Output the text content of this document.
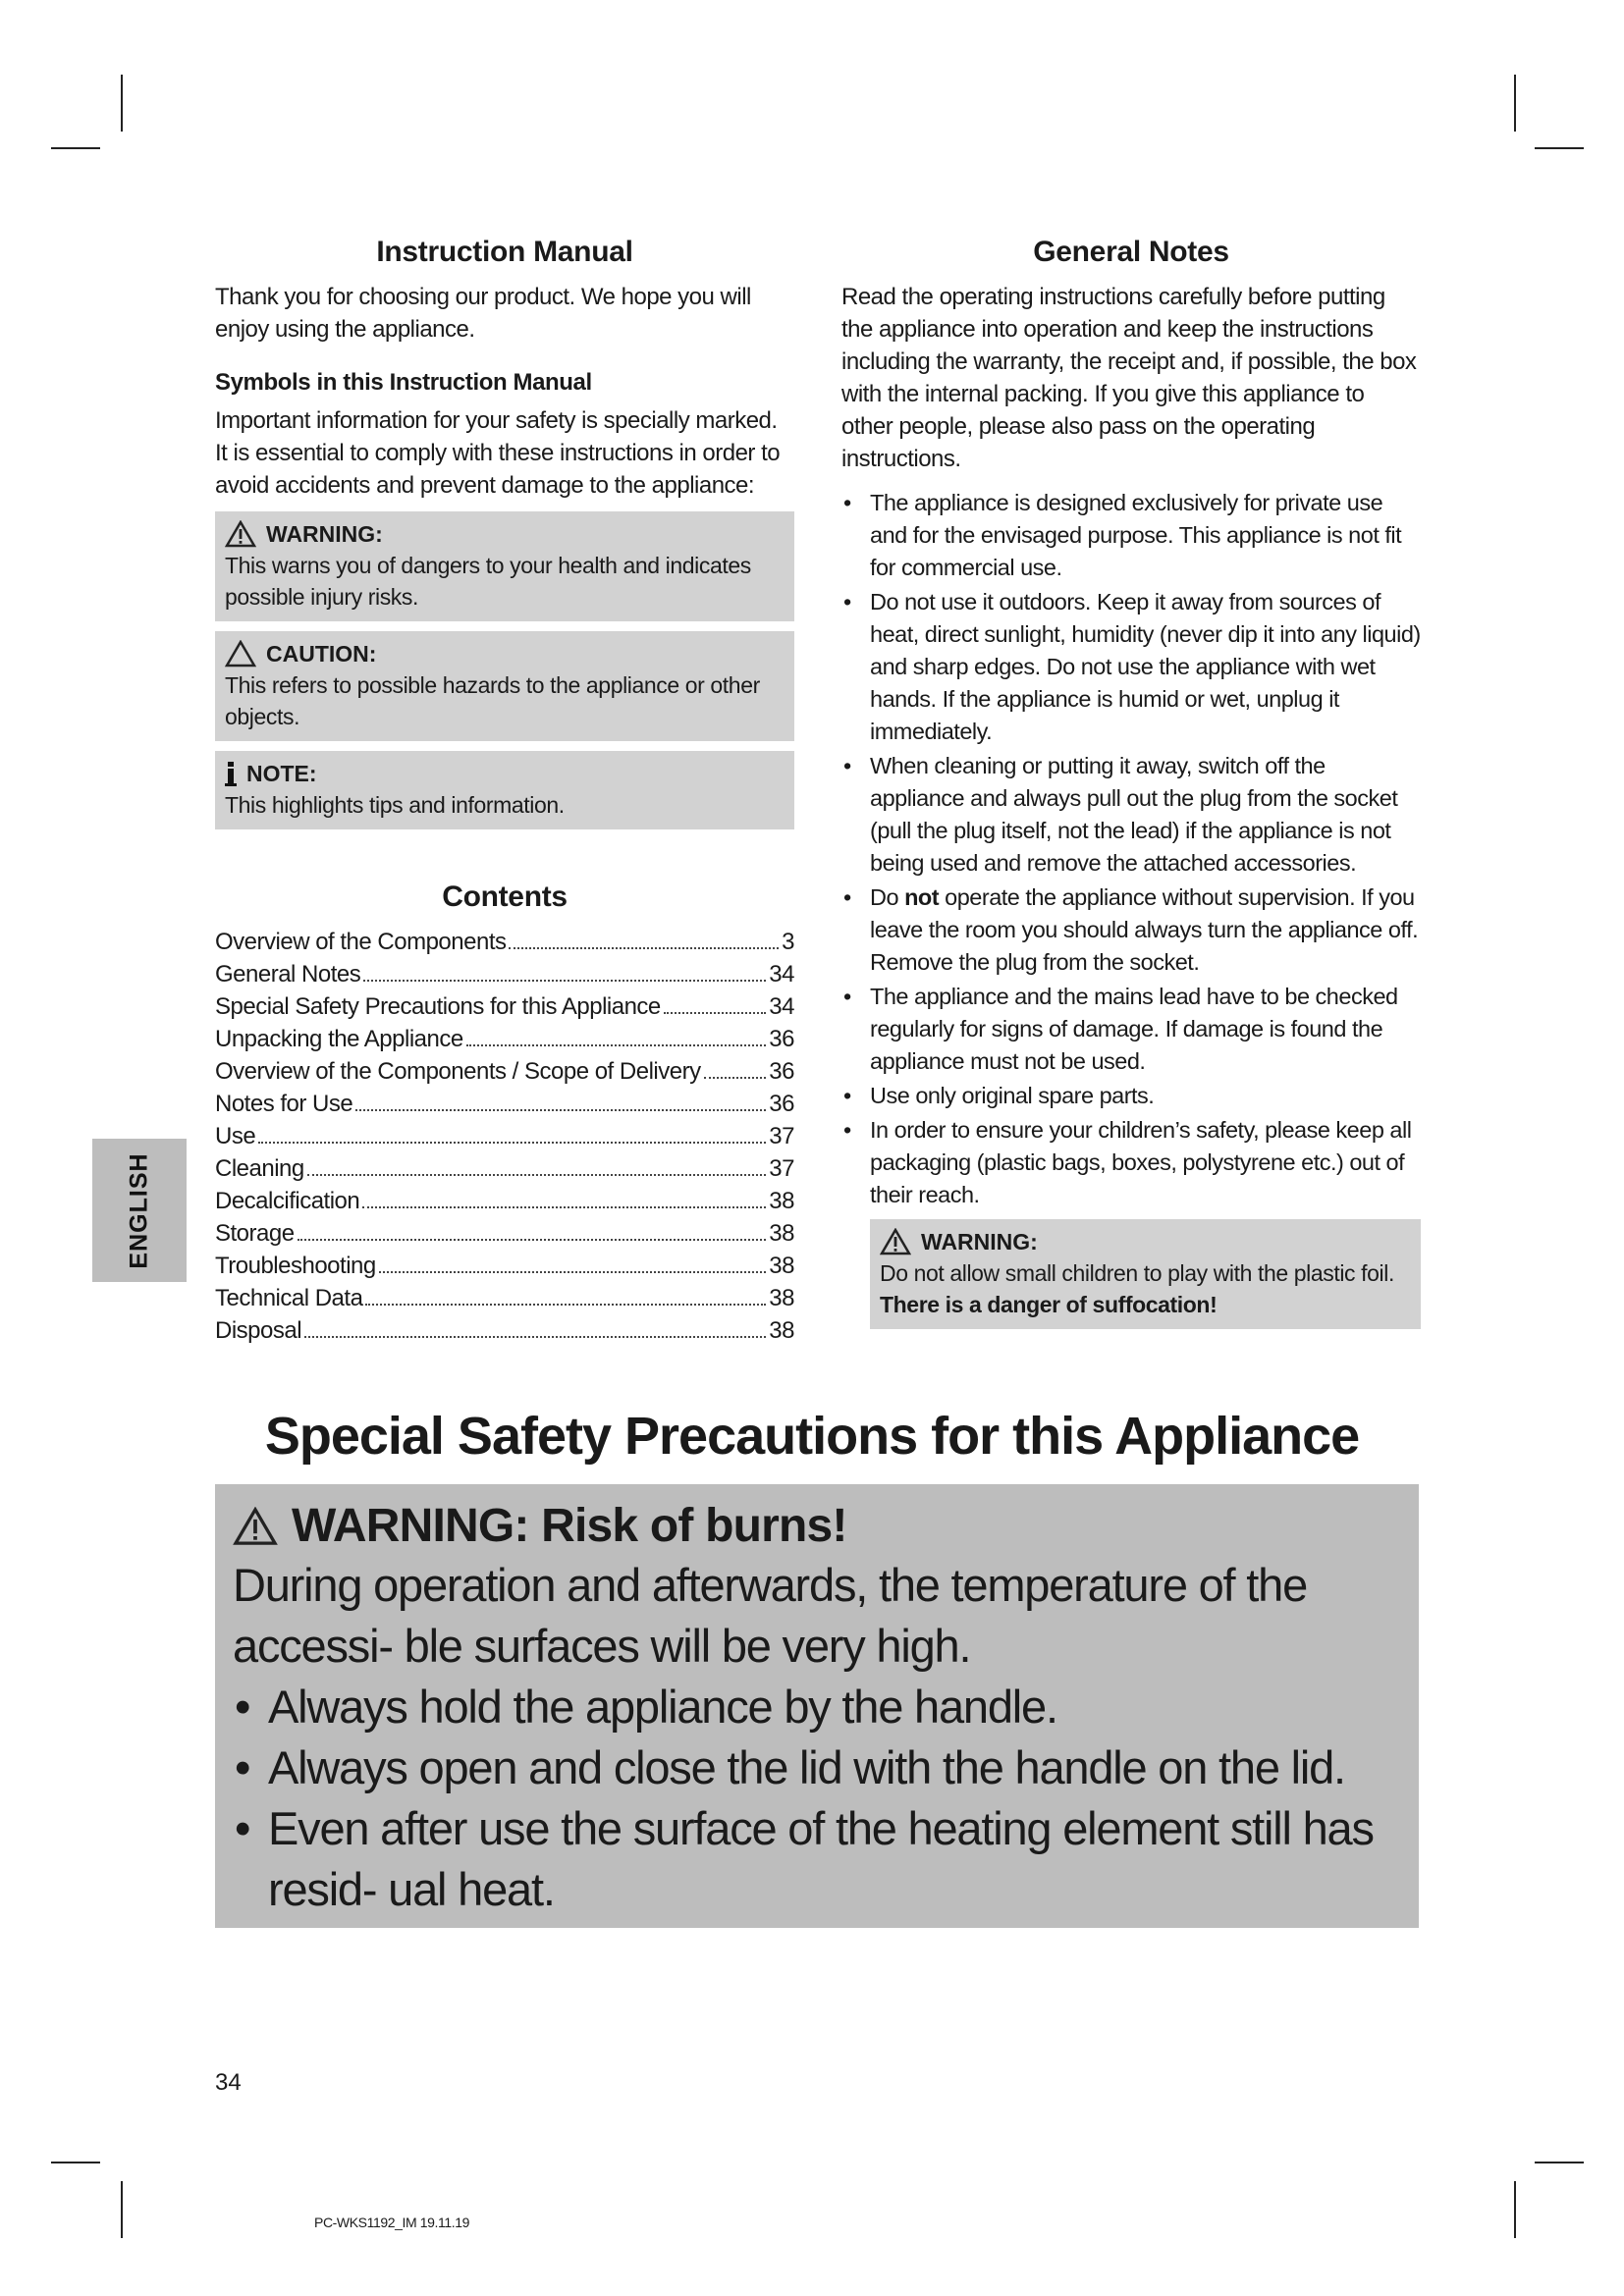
Instruction Manual

Thank you for choosing our product. We hope you will enjoy using the appliance.

Symbols in this Instruction Manual

Important information for your safety is specially marked.

It is essential to comply with these instructions in order to avoid accidents and prevent damage to the appliance:

WARNING:
This warns you of dangers to your health and indicates possible injury risks.
CAUTION:
This refers to possible hazards to the appliance or other objects.
NOTE:
This highlights tips and information.
Contents
Overview of the Components	3
General Notes	34
Special Safety Precautions for this Appliance	34
Unpacking the Appliance	36
Overview of the Components / Scope of Delivery	36
Notes for Use	36
Use	37
Cleaning	37
Decalcification	38
Storage	38
Troubleshooting	38
Technical Data	38
Disposal	38
General Notes

Read the operating instructions carefully before putting the appliance into operation and keep the instructions including the warranty, the receipt and, if possible, the box with the internal packing. If you give this appliance to other people, please also pass on the operating instructions.

• The appliance is designed exclusively for private use and for the envisaged purpose. This appliance is not fit for commercial use.
• Do not use it outdoors. Keep it away from sources of heat, direct sunlight, humidity (never dip it into any liquid) and sharp edges. Do not use the appliance with wet hands. If the appliance is humid or wet, unplug it immediately.
• When cleaning or putting it away, switch off the appliance and always pull out the plug from the socket (pull the plug itself, not the lead) if the appliance is not being used and remove the attached accessories.
• Do not operate the appliance without supervision. If you leave the room you should always turn the appliance off. Remove the plug from the socket.
• The appliance and the mains lead have to be checked regularly for signs of damage. If damage is found the appliance must not be used.
• Use only original spare parts.
• In order to ensure your children’s safety, please keep all packaging (plastic bags, boxes, polystyrene etc.) out of their reach.
WARNING:
Do not allow small children to play with the plastic foil.
There is a danger of suffocation!
ENGLISH
Special Safety Precautions for this Appliance
WARNING: Risk of burns!
During operation and afterwards, the temperature of the accessi- ble surfaces will be very high.
• Always hold the appliance by the handle.
• Always open and close the lid with the handle on the lid.
• Even after use the surface of the heating element still has resid- ual heat.
34
PC-WKS1192_IM 19.11.19
